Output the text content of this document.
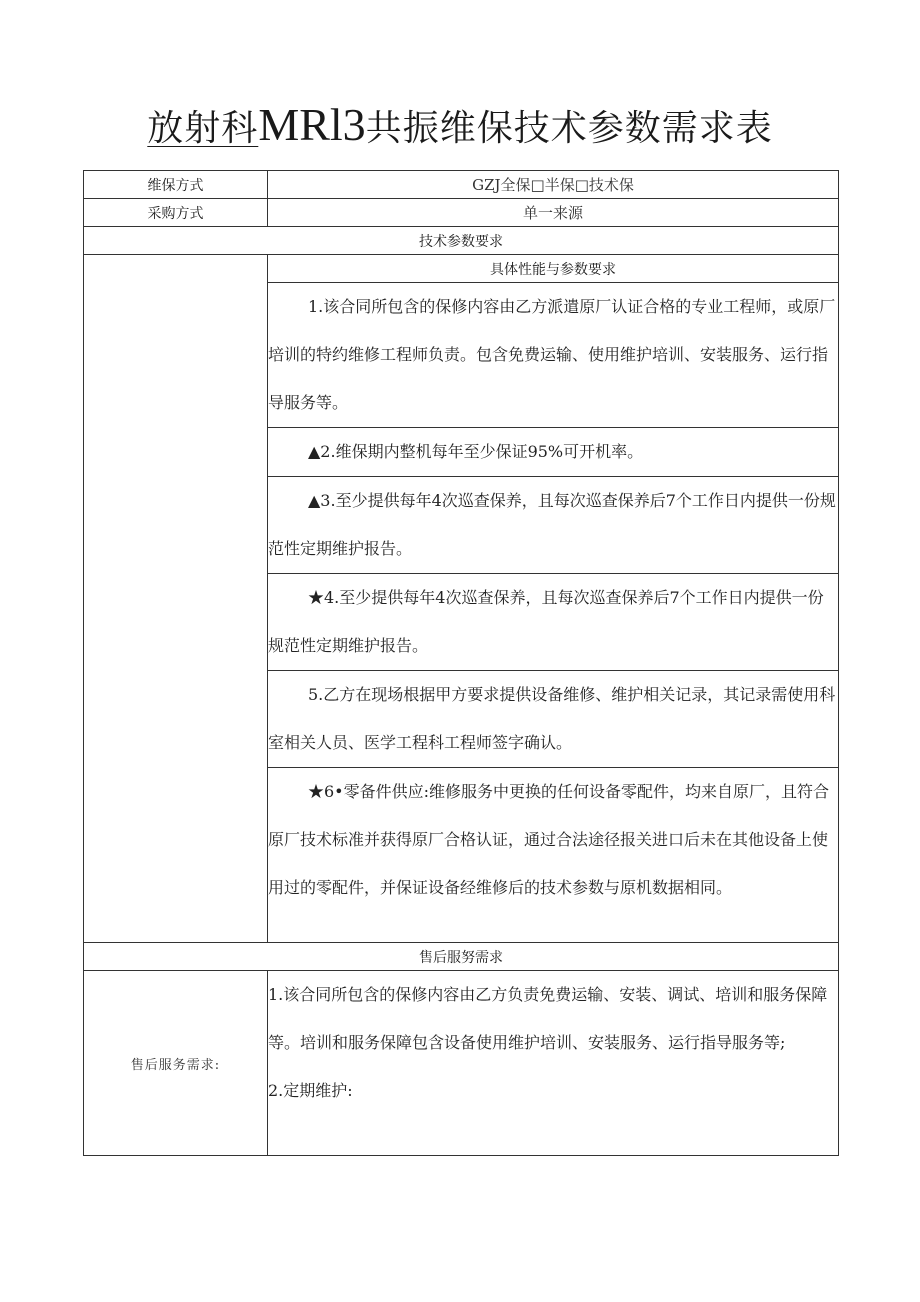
放射科MRl3共振维保技术参数需求表
维保方式	GZJ全保□半保□技术保
采购方式	单一来源
技术参数要求	
	具体性能与参数要求

	1.该合同所包含的保修内容由乙方派遣原厂认证合格的专业工程师，或原厂培训的特约维修工程师负责。包含免费运输、使用维护培训、安装服务、运行指导服务等。

	▲2.维保期内整机每年至少保证95%可开机率。

	▲3.至少提供每年4次巡查保养，且每次巡查保养后7个工作日内提供一份规范性定期维护报告。

	★4.至少提供每年4次巡查保养，且每次巡查保养后7个工作日内提供一份规范性定期维护报告。

	5.乙方在现场根据甲方要求提供设备维修、维护相关记录，其记录需使用科室相关人员、医学工程科工程师签字确认。

	★6•零备件供应:维修服务中更换的任何设备零配件，均来自原厂，且符合原厂技术标准并获得原厂合格认证，通过合法途径报关进口后未在其他设备上使用过的零配件，并保证设备经维修后的技术参数与原机数据相同。

售后服努需求	
售后服务需求:	1.该合同所包含的保修内容由乙方负责免费运输、安装、调试、培训和服务保障等。培训和服务保障包含设备使用维护培训、安装服务、运行指导服务等;

2.定期维护:
